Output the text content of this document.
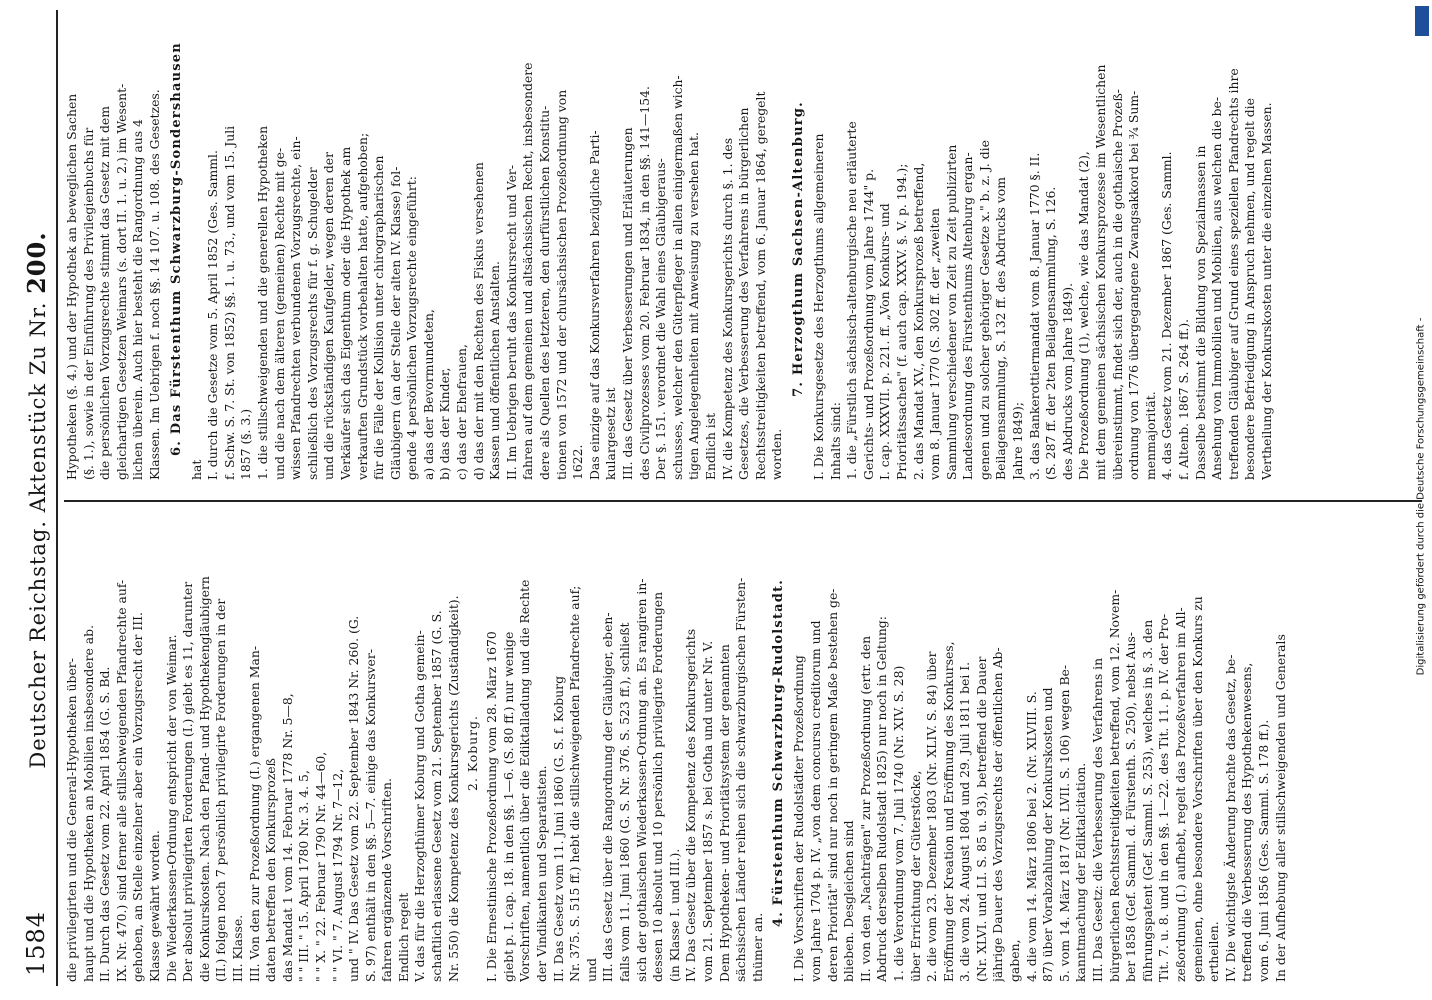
1584
Deutscher Reichstag. Aktenstück Zu Nr. 200.
die privilegirten und die General-Hypotheken über- haupt und die Hypotheken an Mobilien insbesondere ab. II. Durch das Gesetz vom 22. April 1854 (G. S. Bd. IX. Nr. 470.) sind ferner alle stillschweigenden Pfandrechte auf- gehoben, an Stelle einzelner aber ein Vorzugsrecht der III. Klasse gewährt worden. Die Wiederkassen-Ordnung entspricht der von Weimar. Der absolut privilegirten Forderungen (I.) giebt es 11, darunter die Konkurskosten. Nach den Pfand- und Hypothekengläubigern (II.) folgen noch 7 persönlich privilegirte Forderungen in der III. Klasse. III. Von den zur Prozeßordnung (I.) ergangenen Man- daten betreffen den Konkursprozeß das Mandat 1 vom 14. Februar 1778 Nr. 5—8, " " III. " 15. April 1780 Nr. 3. 4. 5, " " X. " 22. Februar 1790 Nr. 44—60, " " VI. " 7. August 1794 Nr. 7—12, und " IV. Das Gesetz vom 22. September 1843 Nr. 260. (G. S. 97) enthält in den §§. 5—7. einige das Konkursver- fahren ergänzende Vorschriften. Endlich regelt V. das für die Herzogthümer Koburg und Gotha gemein- schaftlich erlassene Gesetz vom 21. September 1857 (G. S. Nr. 550) die Kompetenz des Konkursgerichts (Zuständigkeit). 2. Koburg. I. Die Ernestinische Prozeßordnung vom 28. März 1670 giebt p. I. cap. 18. in den §§. 1—6. (S. 80 ff.) nur wenige Vorschriften, namentlich über die Ediktalladung und die Rechte der Vindikanten und Separatisten. II. Das Gesetz vom 11. Juni 1860 (G. S. f. Koburg Nr. 375. S. 515 ff.) hebt die stillschweigenden Pfandrechte auf; und III. das Gesetz über die Rangordnung der Gläubiger, eben- falls vom 11. Juni 1860 (G. S. Nr. 376. S. 523 ff.), schließt sich der gothaischen Wiederkassen-Ordnung an. Es rangiren in- dessen 10 absolut und 10 persönlich privilegirte Forderungen (in Klasse I. und III.). IV. Das Gesetz über die Kompetenz des Konkursgerichts vom 21. September 1857 s. bei Gotha und unter Nr. V. Dem Hypotheken- und Prioritätsystem der genannten sächsischen Länder reihen sich die schwarzburgischen Fürsten- thümer an.
4. Fürstenthum Schwarzburg-Rudolstadt. I. Die Vorschriften der Rudolstädter Prozeßordnung vom Jahre 1704 p. IV. „von dem concursu creditorum und deren Prioritāt" sind nur noch in geringem Maße bestehen ge- blieben. Desgleichen sind II. von den „Nachträgen" zur Prozeßordnung (ertr. den Abdruck derselben Rudolstadt 1825) nur noch in Geltung: 1. die Verordnung vom 7. Juli 1740 (Nr. XIV. S. 28) über Errichtung der Güterstöcke, 2. die vom 23. Dezember 1803 (Nr. XLIV. S. 84) über Eröffnung der Kreation und Eröffnung des Konkurses, 3. die vom 24. August 1804 und 29. Juli 1811 bei I. (Nr. XLVI. und LI. S. 85 u. 93), betreffend die Dauer jährige Dauer des Vorzugsrechts der öffentlichen Ab- gaben, 4. die vom 14. März 1806 bei 2. (Nr. XLVIII. S. 87) über Vorabzahlung der Konkurskosten und 5. vom 14. März 1817 (Nr. LVII. S. 106) wegen Be- kanntmachung der Ediktalcitation. III. Das Gesetz: die Verbesserung des Verfahrens in bürgerlichen Rechtsstreitigkeiten betreffend, vom 12. Novem- ber 1858 (Gef. Samml. d. Fürstenth. S. 250), nebst Aus- führungspatent (Gef. Samml. S. 253), welches in §. 3. den Tit. 7. u. 8. und in den §§. 1—22. des Tit. 11. p. IV. der Pro- zeßordnung (I.) aufhebt, regelt das Prozeßverfahren im All- gemeinen, ohne besondere Vorschriften über den Konkurs zu ertheilen. IV. Die wichtigste Änderung brachte das Gesetz, be- treffend die Verbesserung des Hypothekenwesens, vom 6. Juni 1856 (Ges. Samml. S. 178 ff.). In der Aufhebung aller stillschweigenden und Generals
Hypotheken (§. 4.) und der Hypothek an beweglichen Sachen (§. 1.), sowie in der Einführung des Privilegienbuchs für die persönlichen Vorzugsrechte stimmt das Gesetz mit dem gleichartigen Gesetzen Weimars (s. dort II. 1. u. 2.) im Wesent- lichen überein. Auch hier besteht die Rangordnung aus 4 Klassen. Im Uebrigen f. noch §§. 14 107. u. 108. des Gesetzes. 6. Das Fürstenthum Schwarzburg-Sondershausen
hat I. durch die Gesetze vom 5. April 1852 (Ges. Samml. f. Schw. S. 7. St. von 1852) §§. 1. u. 73., und vom 15. Juli 1857 (§. 3.) 1. die stillschweigenden und die generellen Hypotheken und die nach dem älteren (gemeinen) Rechte mit ge- wissen Pfandrechten verbundenen Vorzugsrechte, ein- schließlich des Vorzugsrechts für f. g. Schugelder und die rückständigen Kaufgelder, wegen deren der Verkäufer sich das Eigenthum oder die Hypothek am verkauften Grundstück vorbehalten hatte, aufgehoben; für die Fälle der Kollision unter chirographarischen Gläubigern (an der Stelle der alten IV. Klasse) fol- gende 4 persönlichen Vorzugsrechte eingeführt: a) das der Bevormundeten, b) das der Kinder, c) das der Ehefrauen, d) das der mit den Rechten des Fiskus versehenen Kassen und öffentlichen Anstalten. II. Im Uebrigen beruht das Konkursrecht und Ver- fahren auf dem gemeinen und altsächsischen Recht, insbesondere dere als Quellen des letzteren, den durfürstlichen Konstitu- tionen von 1572 und der chursächsischen Prozeßordnung von 1622. Das einzige auf das Konkursverfahren bezügliche Parti- kulargesetz ist III. das Gesetz über Verbesserungen und Erläuterungen des Civilprozesses vom 20. Februar 1834, in den §§. 141—154. Der §. 151. verordnet die Wahl eines Gläubigeraus- schusses, welcher den Güterpfleger in allen einigermaßen wich- tigen Angelegenheiten mit Anweisung zu versehen hat. Endlich ist IV. die Kompetenz des Konkursgerichts durch §. 1. des Gesetzes, die Verbesserung des Verfahrens in bürgerlichen Rechtsstreitigkeiten betreffend, vom 6. Januar 1864, geregelt worden.
7. Herzogthum Sachsen-Altenburg. I. Die Konkursgesetze des Herzogthums allgemeineren Inhalts sind: 1. die „Fürstlich sächsisch-altenburgische neu erläuterte Gerichts- und Prozeßordnung vom Jahre 1744" p. I. cap. XXXVII. p. 221. ff. „Von Konkurs- und Prioritätssachen" (f. auch cap. XXXV. §. V. p. 194.); 2. das Mandat XV., den Konkursprozeß betreffend, vom 8. Januar 1770 (S. 302 ff. der „zweiten Sammlung verschiedener von Zeit zu Zeit publizirten Landesordnung des Fürstenthums Altenburg ergan- genen und zu solcher gehöriger Gesetze x." b. z. J. die Beilagensammlung, S. 132 ff. des Abdrucks vom Jahre 1849); 3. das Bankerottiermandat vom 8. Januar 1770 §. II. (S. 287 ff. der 2ten Beilagensammlung, S. 126. des Abdrucks vom Jahre 1849). Die Prozeßordnung (1), welche, wie das Mandat (2), mit dem gemeinen sächsischen Konkursprozesse im Wesentlichen übereinstimmt, findet sich der, auch in die gothaische Prozeß- ordnung von 1776 übergegangene Zwangsakkord bei ¾ Sum- menmajorität. 4. das Gesetz vom 21. Dezember 1867 (Ges. Samml. f. Altenb. 1867 S. 264 ff.). Dasselbe bestimmt die Bildung von Spezialmassen in Ansehung von Immobilien und Mobilien, aus welchen die be- treffenden Gläubiger auf Grund eines speziellen Pfandrechts ihre besondere Befriedigung in Anspruch nehmen, und regelt die Vertheilung der Konkurskosten unter die einzelnen Massen.
Digitalisierung gefördert durch die Deutsche Forschungsgemeinschaft -
